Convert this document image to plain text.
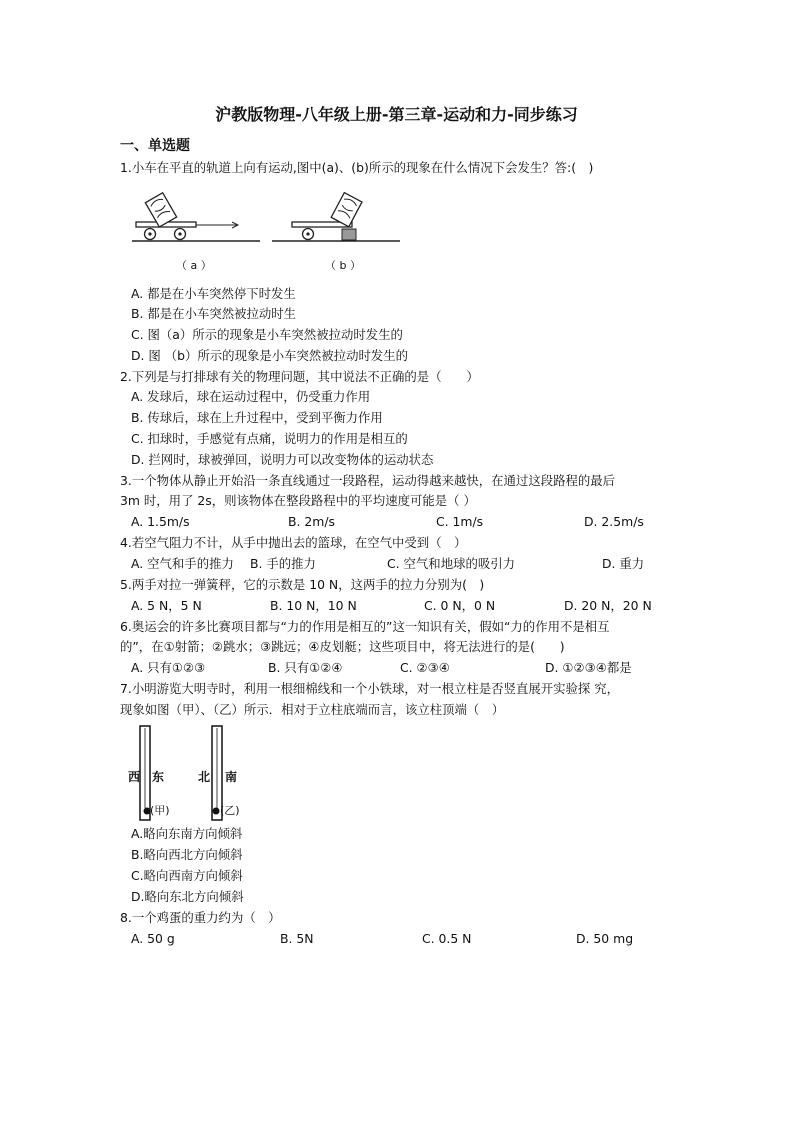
沪教版物理-八年级上册-第三章-运动和力-同步练习
一、单选题
1.小车在平直的轨道上向有运动,图中(a)、(b)所示的现象在什么情况下会发生？答:(　)
（ a ）	（ b ）
A. 都是在小车突然停下时发生
B. 都是在小车突然被拉动时生
C. 图（a）所示的现象是小车突然被拉动时发生的
D. 图 （b）所示的现象是小车突然被拉动时发生的
2.下列是与打排球有关的物理问题，其中说法不正确的是（　　）
A. 发球后，球在运动过程中，仍受重力作用
B. 传球后，球在上升过程中，受到平衡力作用
C. 扣球时，手感觉有点痛，说明力的作用是相互的
D. 拦网时，球被弹回，说明力可以改变物体的运动状态
3.一个物体从静止开始沿一条直线通过一段路程，运动得越来越快，在通过这段路程的最后
3m 时，用了 2s，则该物体在整段路程中的平均速度可能是（ ）
A. 1.5m/s	B. 2m/s	C. 1m/s	D. 2.5m/s
4.若空气阻力不计，从手中抛出去的篮球，在空气中受到（　）
A. 空气和手的推力 B. 手的推力	C. 空气和地球的吸引力	D. 重力
5.两手对拉一弹簧秤，它的示数是 10 N，这两手的拉力分别为(　)
A. 5 N，5 N	B. 10 N，10 N	C. 0 N，0 N	D. 20 N，20 N
6.奥运会的许多比赛项目都与“力的作用是相互的”这一知识有关，假如“力的作用不是相互
的”，在①射箭；②跳水；③跳远；④皮划艇；这些项目中，将无法进行的是(　　)
A. 只有①②③	B. 只有①②④	C. ②③④	D. ①②③④都是
7.小明游览大明寺时，利用一根细棉线和一个小铁球，对一根立柱是否竖直展开实验探 究，
现象如图（甲）、（乙）所示．相对于立柱底端而言，该立柱顶端（　）
西 东
(甲)
北 南
(乙)
A.略向东南方向倾斜
B.略向西北方向倾斜
C.略向西南方向倾斜
D.略向东北方向倾斜
8.一个鸡蛋的重力约为（　）
A. 50 g	B. 5N	C. 0.5 N	D. 50 mg
